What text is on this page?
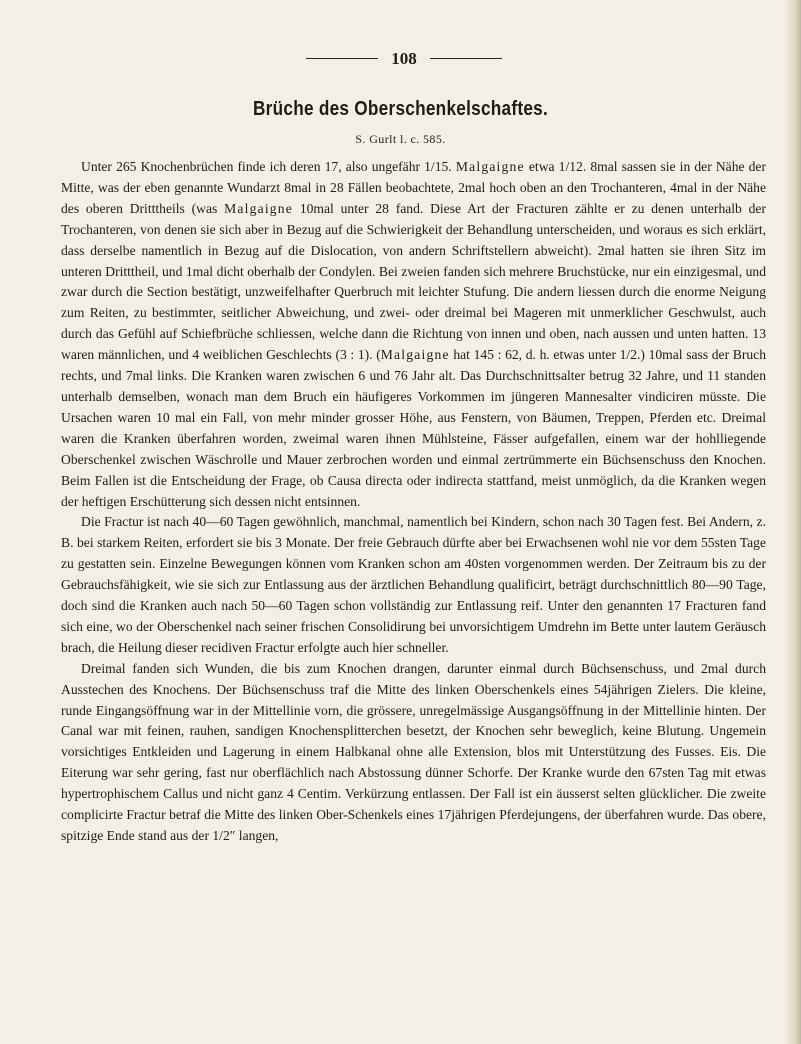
108
Brüche des Oberschenkelschaftes.
S. Gurlt l. c. 585.

Unter 265 Knochenbrüchen finde ich deren 17, also ungefähr 1/15. Malgaigne etwa 1/12. 8mal sassen sie in der Nähe der Mitte, was der eben genannte Wundarzt 8mal in 28 Fällen beobachtete, 2mal hoch oben an den Trochanteren, 4mal in der Nähe des oberen Dritttheils (was Malgaigne 10mal unter 28 fand. Diese Art der Fracturen zählte er zu denen unterhalb der Trochanteren, von denen sie sich aber in Bezug auf die Schwierigkeit der Behandlung unterscheiden, und woraus es sich erklärt, dass derselbe namentlich in Bezug auf die Dislocation, von andern Schriftstellern abweicht). 2mal hatten sie ihren Sitz im unteren Dritttheil, und 1mal dicht oberhalb der Condylen. Bei zweien fanden sich mehrere Bruchstücke, nur ein einzigesmal, und zwar durch die Section bestätigt, unzweifelhafter Querbruch mit leichter Stufung. Die andern liessen durch die enorme Neigung zum Reiten, zu bestimmter, seitlicher Abweichung, und zwei- oder dreimal bei Mageren mit unmerklicher Geschwulst, auch durch das Gefühl auf Schiefbrüche schliessen, welche dann die Richtung von innen und oben, nach aussen und unten hatten. 13 waren männlichen, und 4 weiblichen Geschlechts (3 : 1). (Malgaigne hat 145 : 62, d. h. etwas unter 1/2.) 10mal sass der Bruch rechts, und 7mal links. Die Kranken waren zwischen 6 und 76 Jahr alt. Das Durchschnittsalter betrug 32 Jahre, und 11 standen unterhalb demselben, wonach man dem Bruch ein häufigeres Vorkommen im jüngeren Mannesalter vindiciren müsste. Die Ursachen waren 10 mal ein Fall, von mehr minder grosser Höhe, aus Fenstern, von Bäumen, Treppen, Pferden etc. Dreimal waren die Kranken überfahren worden, zweimal waren ihnen Mühlsteine, Fässer aufgefallen, einem war der hohlliegende Oberschenkel zwischen Wäschrolle und Mauer zerbrochen worden und einmal zertrümmerte ein Büchsenschuss den Knochen. Beim Fallen ist die Entscheidung der Frage, ob Causa directa oder indirecta stattfand, meist unmöglich, da die Kranken wegen der heftigen Erschütterung sich dessen nicht entsinnen.

Die Fractur ist nach 40—60 Tagen gewöhnlich, manchmal, namentlich bei Kindern, schon nach 30 Tagen fest. Bei Andern, z. B. bei starkem Reiten, erfordert sie bis 3 Monate. Der freie Gebrauch dürfte aber bei Erwachsenen wohl nie vor dem 55sten Tage zu gestatten sein. Einzelne Bewegungen können vom Kranken schon am 40sten vorgenommen werden. Der Zeitraum bis zu der Gebrauchsfähigkeit, wie sie sich zur Entlassung aus der ärztlichen Behandlung qualificirt, beträgt durchschnittlich 80—90 Tage, doch sind die Kranken auch nach 50—60 Tagen schon vollständig zur Entlassung reif. Unter den genannten 17 Fracturen fand sich eine, wo der Oberschenkel nach seiner frischen Consolidirung bei unvorsichtigem Umdrehn im Bette unter lautem Geräusch brach, die Heilung dieser recidiven Fractur erfolgte auch hier schneller.

Dreimal fanden sich Wunden, die bis zum Knochen drangen, darunter einmal durch Büchsenschuss, und 2mal durch Ausstechen des Knochens. Der Büchsenschuss traf die Mitte des linken Oberschenkels eines 54jährigen Zielers. Die kleine, runde Eingangsöffnung war in der Mittellinie vorn, die grössere, unregelmässige Ausgangsöffnung in der Mittellinie hinten. Der Canal war mit feinen, rauhen, sandigen Knochensplitterchen besetzt, der Knochen sehr beweglich, keine Blutung. Ungemein vorsichtiges Entkleiden und Lagerung in einem Halbkanal ohne alle Extension, blos mit Unterstützung des Fusses. Eis. Die Eiterung war sehr gering, fast nur oberflächlich nach Abstossung dünner Schorfe. Der Kranke wurde den 67sten Tag mit etwas hypertrophischem Callus und nicht ganz 4 Centim. Verkürzung entlassen. Der Fall ist ein äusserst selten glücklicher. Die zweite complicirte Fractur betraf die Mitte des linken Ober-Schenkels eines 17jährigen Pferdejungens, der überfahren wurde. Das obere, spitzige Ende stand aus der 1/2″ langen,
